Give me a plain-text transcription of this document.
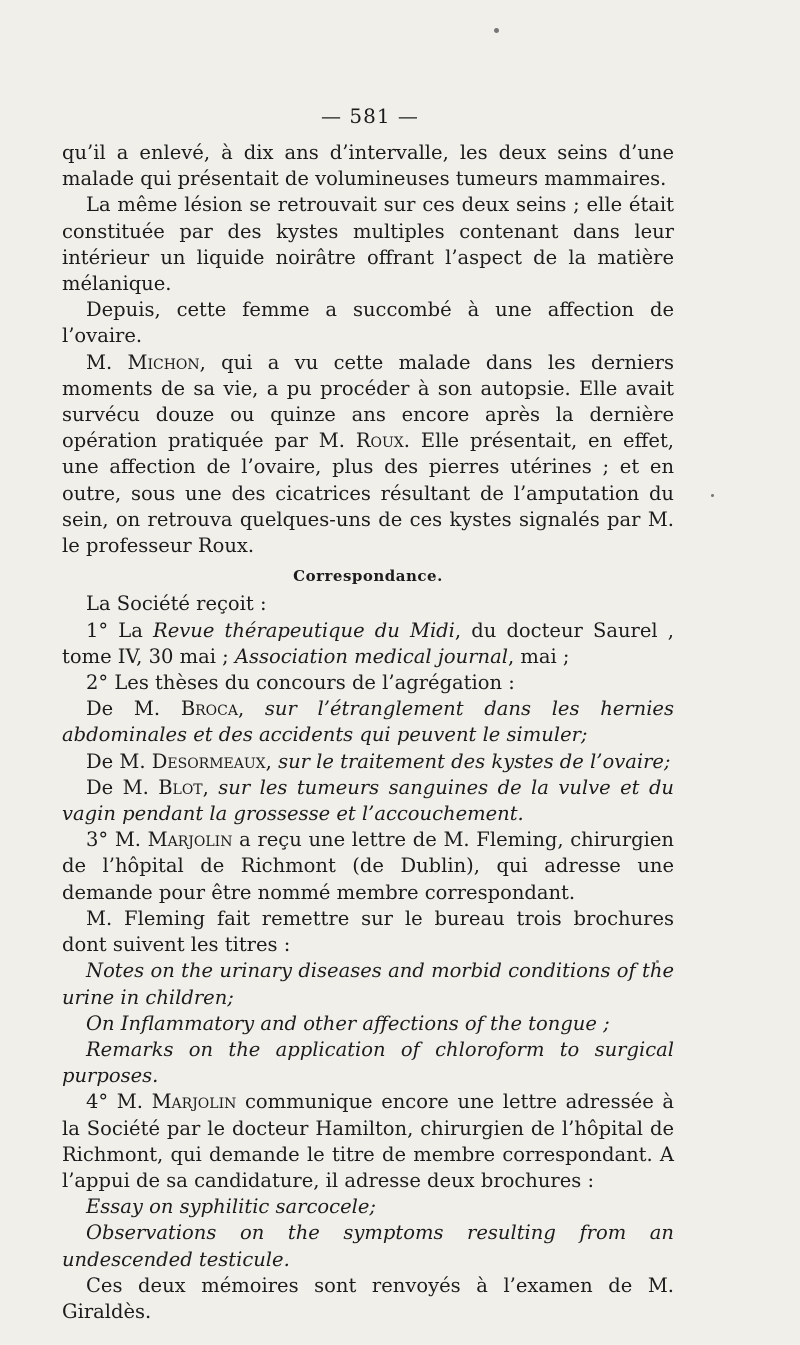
— 581 —

qu’il a enlevé, à dix ans d’intervalle, les deux seins d’une malade qui présentait de volumineuses tumeurs mammaires.

La même lésion se retrouvait sur ces deux seins ; elle était constituée par des kystes multiples contenant dans leur intérieur un liquide noirâtre offrant l’aspect de la matière mélanique.

Depuis, cette femme a succombé à une affection de l’ovaire.

M. Michon, qui a vu cette malade dans les derniers moments de sa vie, a pu procéder à son autopsie. Elle avait survécu douze ou quinze ans encore après la dernière opération pratiquée par M. Roux. Elle présentait, en effet, une affection de l’ovaire, plus des pierres utérines ; et en outre, sous une des cicatrices résultant de l’amputation du sein, on retrouva quelques-uns de ces kystes signalés par M. le professeur Roux.

Correspondance.

La Société reçoit :

1° La Revue thérapeutique du Midi, du docteur Saurel , tome IV, 30 mai ; Association medical journal, mai ;

2° Les thèses du concours de l’agrégation :

De M. Broca, sur l’étranglement dans les hernies abdominales et des accidents qui peuvent le simuler;

De M. Desormeaux, sur le traitement des kystes de l’ovaire;

De M. Blot, sur les tumeurs sanguines de la vulve et du vagin pendant la grossesse et l’accouchement.

3° M. Marjolin a reçu une lettre de M. Fleming, chirurgien de l’hôpital de Richmont (de Dublin), qui adresse une demande pour être nommé membre correspondant.

M. Fleming fait remettre sur le bureau trois brochures dont suivent les titres :

Notes on the urinary diseases and morbid conditions of the urine in children;

On Inflammatory and other affections of the tongue ;

Remarks on the application of chloroform to surgical purposes.

4° M. Marjolin communique encore une lettre adressée à la Société par le docteur Hamilton, chirurgien de l’hôpital de Richmont, qui demande le titre de membre correspondant. A l’appui de sa candidature, il adresse deux brochures :

Essay on syphilitic sarcocele;

Observations on the symptoms resulting from an undescended testicule.

Ces deux mémoires sont renvoyés à l’examen de M. Giraldès.
